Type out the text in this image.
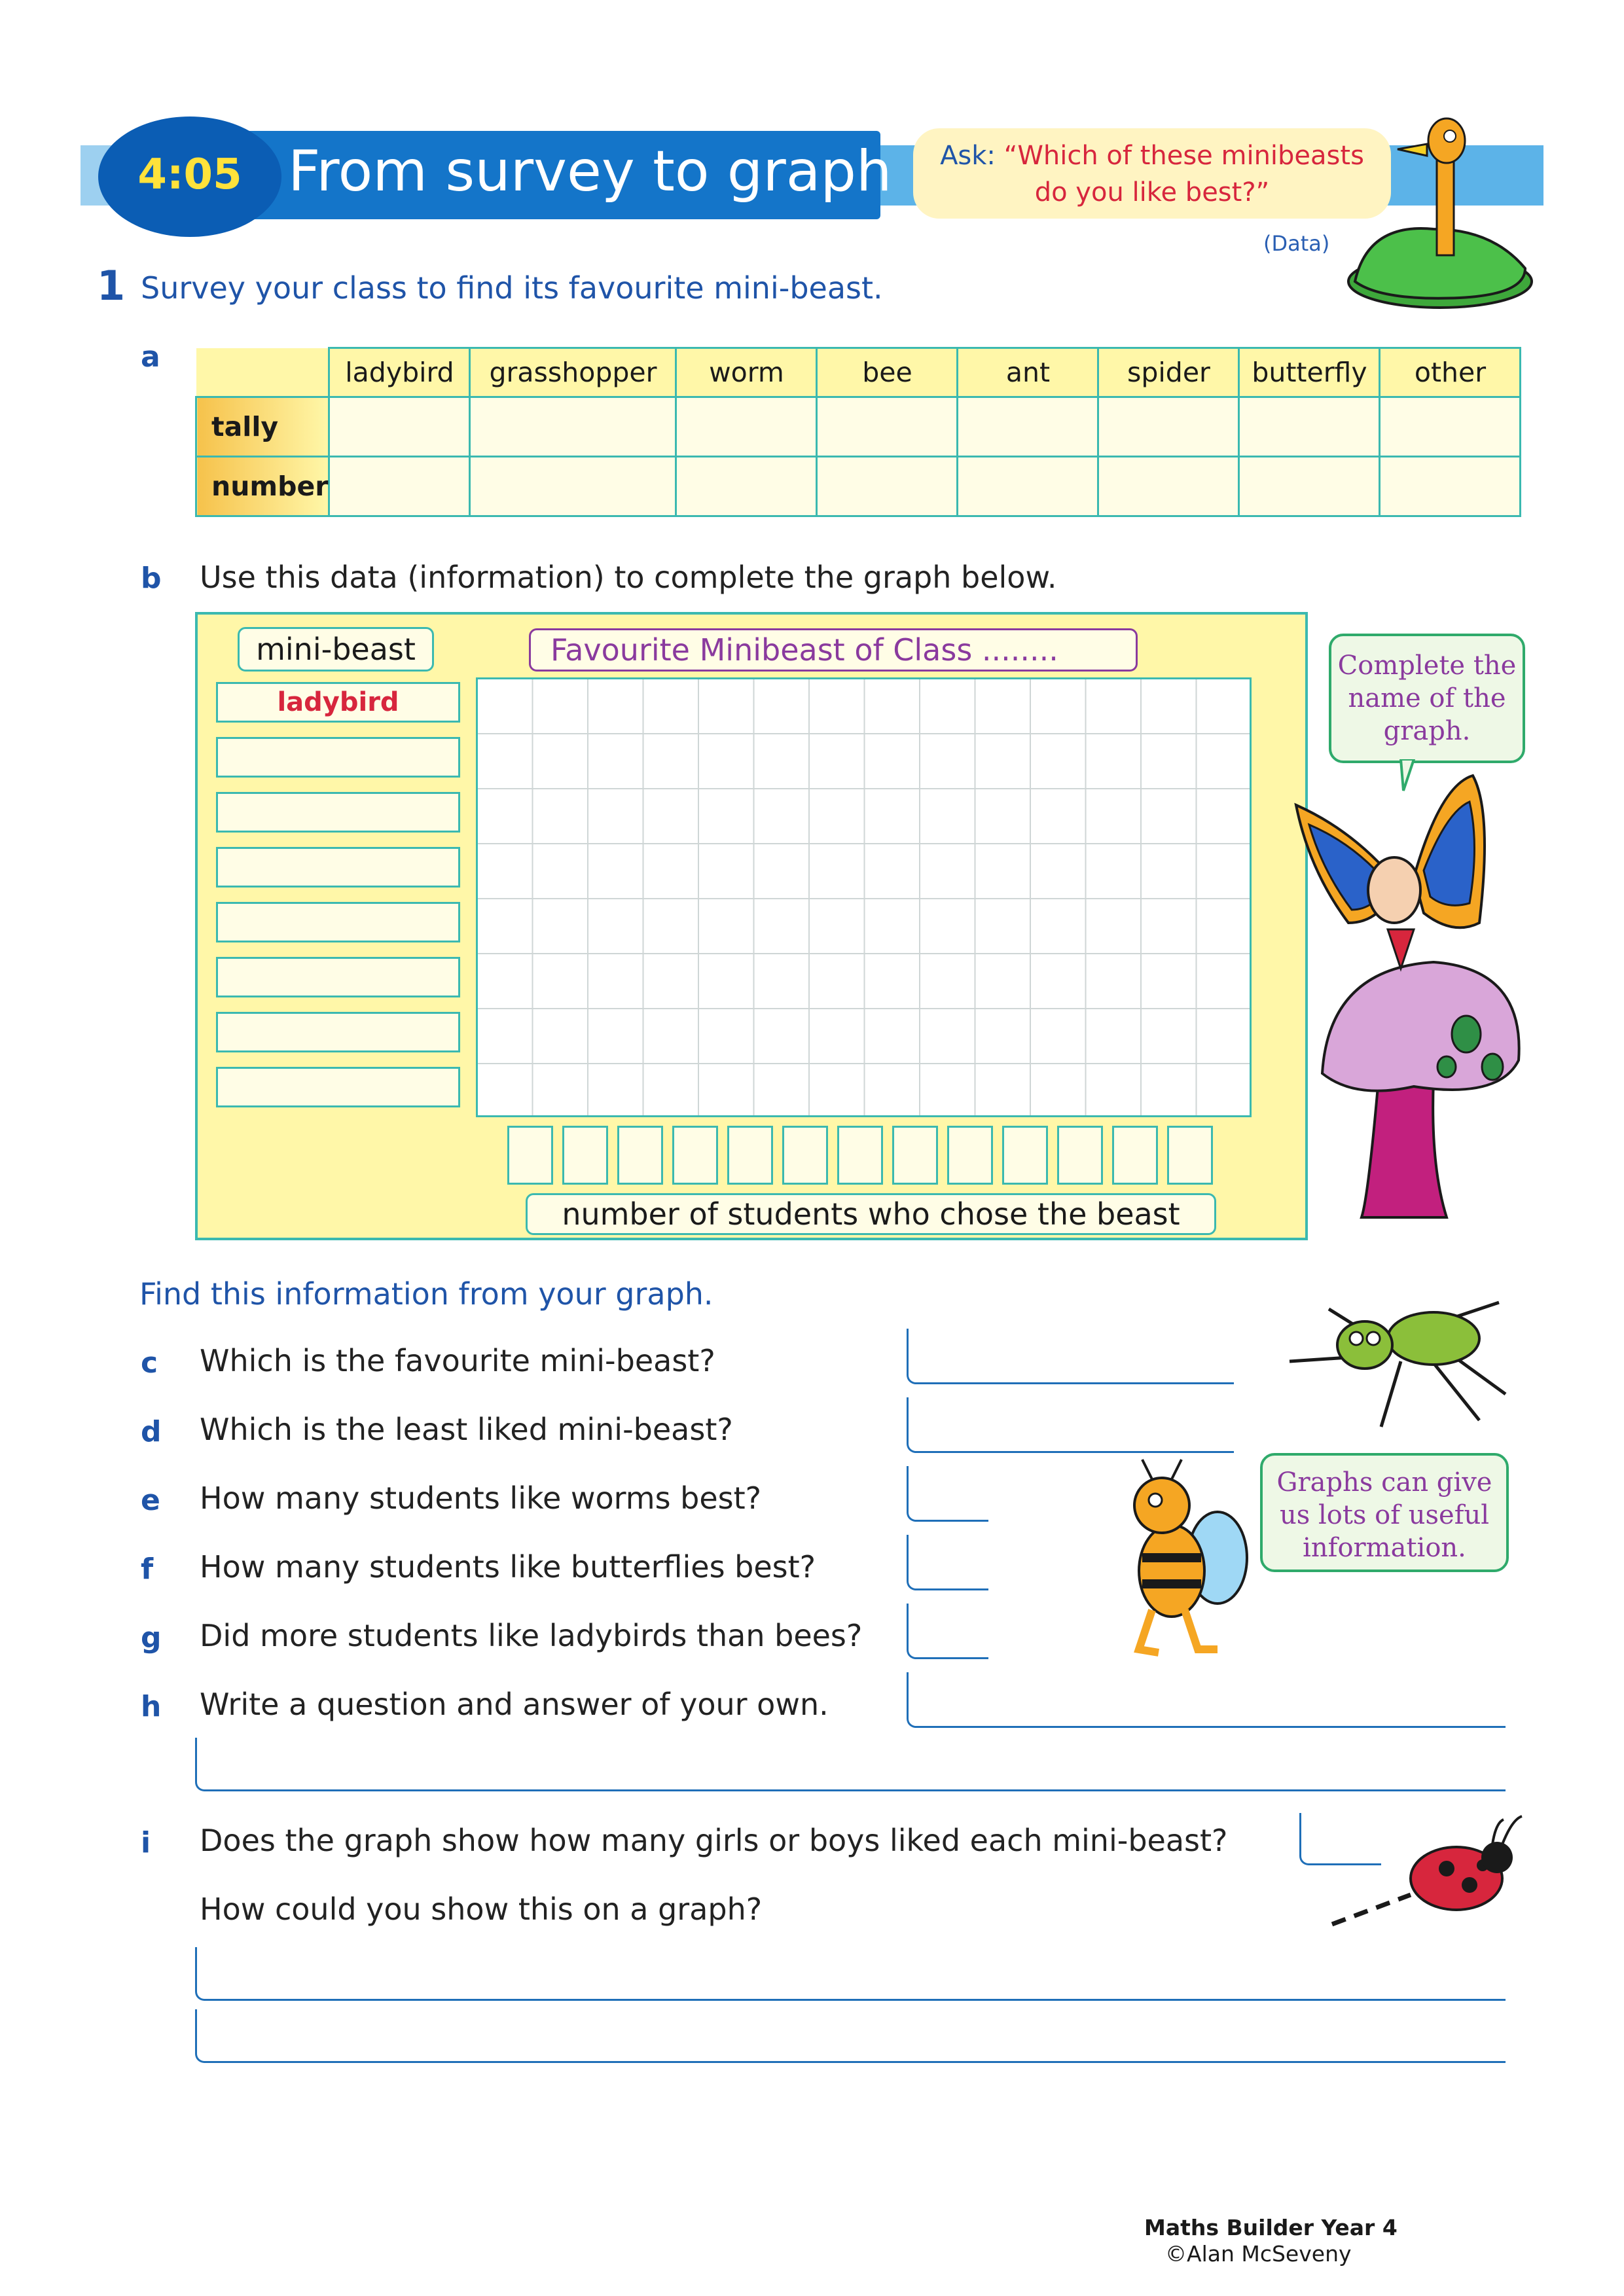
4:05 From survey to graph	Ask: “Which of these minibeasts
do you like best?”
(Data)
1 Survey your class to find its favourite mini-beast.
a
		ladybird	grasshopper	worm	bee	ant	spider	butterfly	other
tally								
number								
b Use this data (information) to complete the graph below.
mini-beast	Favourite Minibeast of Class ........
ladybird
number of students who chose the beast
Complete the name of the graph.
Find this information from your graph.
c Which is the favourite mini-beast?
d Which is the least liked mini-beast?
e How many students like worms best?
f How many students like butterflies best?
g Did more students like ladybirds than bees?
h Write a question and answer of your own.
i Does the graph show how many girls or boys liked each mini-beast?
How could you show this on a graph?
Graphs can give us lots of useful information.
Maths Builder Year 4
©Alan McSeveny
